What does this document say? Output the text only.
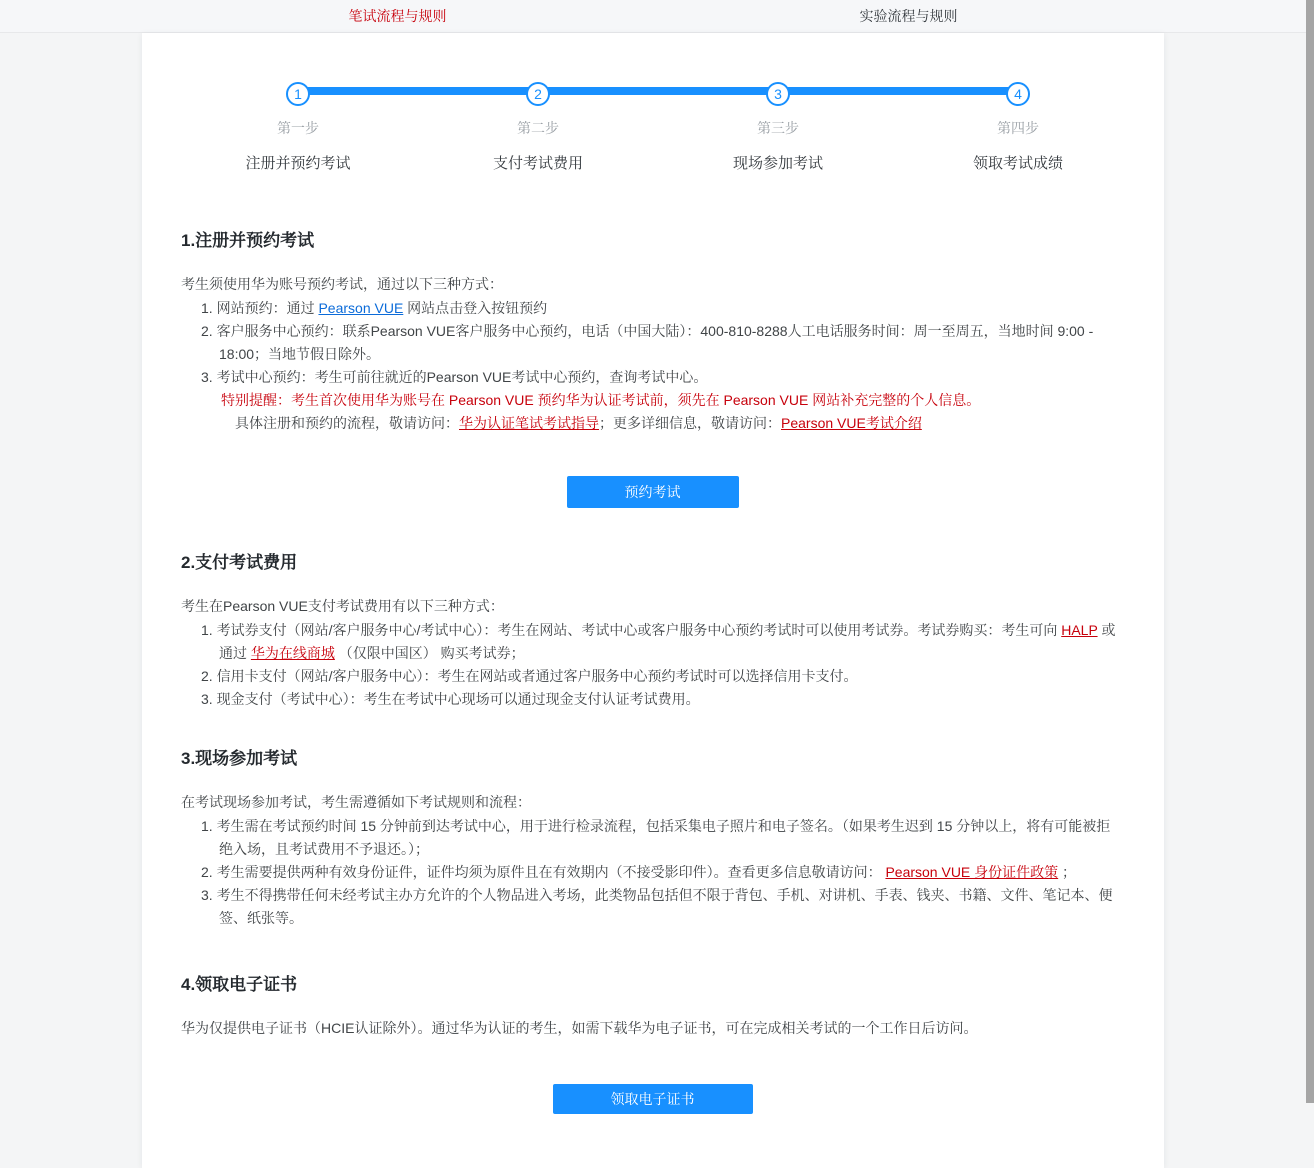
笔试流程与规则	实验流程与规则
1
第一步
注册并预约考试
2
第二步
支付考试费用
3
第三步
现场参加考试
4
第四步
领取考试成绩
1.注册并预约考试

考生须使用华为账号预约考试，通过以下三种方式：

1. 网站预约：通过 Pearson VUE 网站点击登入按钮预约

2. 客户服务中心预约：联系Pearson VUE客户服务中心预约，电话（中国大陆）：400-810-8288人工电话服务时间：周一至周五，当地时间 9:00 - 18:00；当地节假日除外。

3. 考试中心预约：考生可前往就近的Pearson VUE考试中心预约，查询考试中心。

特别提醒：考生首次使用华为账号在 Pearson VUE 预约华为认证考试前，须先在 Pearson VUE 网站补充完整的个人信息。

具体注册和预约的流程，敬请访问：华为认证笔试考试指导；更多详细信息，敬请访问：Pearson VUE考试介绍

预约考试
2.支付考试费用

考生在Pearson VUE支付考试费用有以下三种方式：

1. 考试券支付（网站/客户服务中心/考试中心）：考生在网站、考试中心或客户服务中心预约考试时可以使用考试券。考试券购买：考生可向 HALP 或通过 华为在线商城 （仅限中国区） 购买考试券；

2. 信用卡支付（网站/客户服务中心）：考生在网站或者通过客户服务中心预约考试时可以选择信用卡支付。

3. 现金支付（考试中心）：考生在考试中心现场可以通过现金支付认证考试费用。

3.现场参加考试

在考试现场参加考试，考生需遵循如下考试规则和流程：

1. 考生需在考试预约时间 15 分钟前到达考试中心，用于进行检录流程，包括采集电子照片和电子签名。（如果考生迟到 15 分钟以上，将有可能被拒绝入场，且考试费用不予退还。）；

2. 考生需要提供两种有效身份证件，证件均须为原件且在有效期内（不接受影印件）。查看更多信息敬请访问： Pearson VUE 身份证件政策 ；

3. 考生不得携带任何未经考试主办方允许的个人物品进入考场，此类物品包括但不限于背包、手机、对讲机、手表、钱夹、书籍、文件、笔记本、便签、纸张等。

4.领取电子证书

华为仅提供电子证书（HCIE认证除外）。通过华为认证的考生，如需下载华为电子证书，可在完成相关考试的一个工作日后访问。

领取电子证书
